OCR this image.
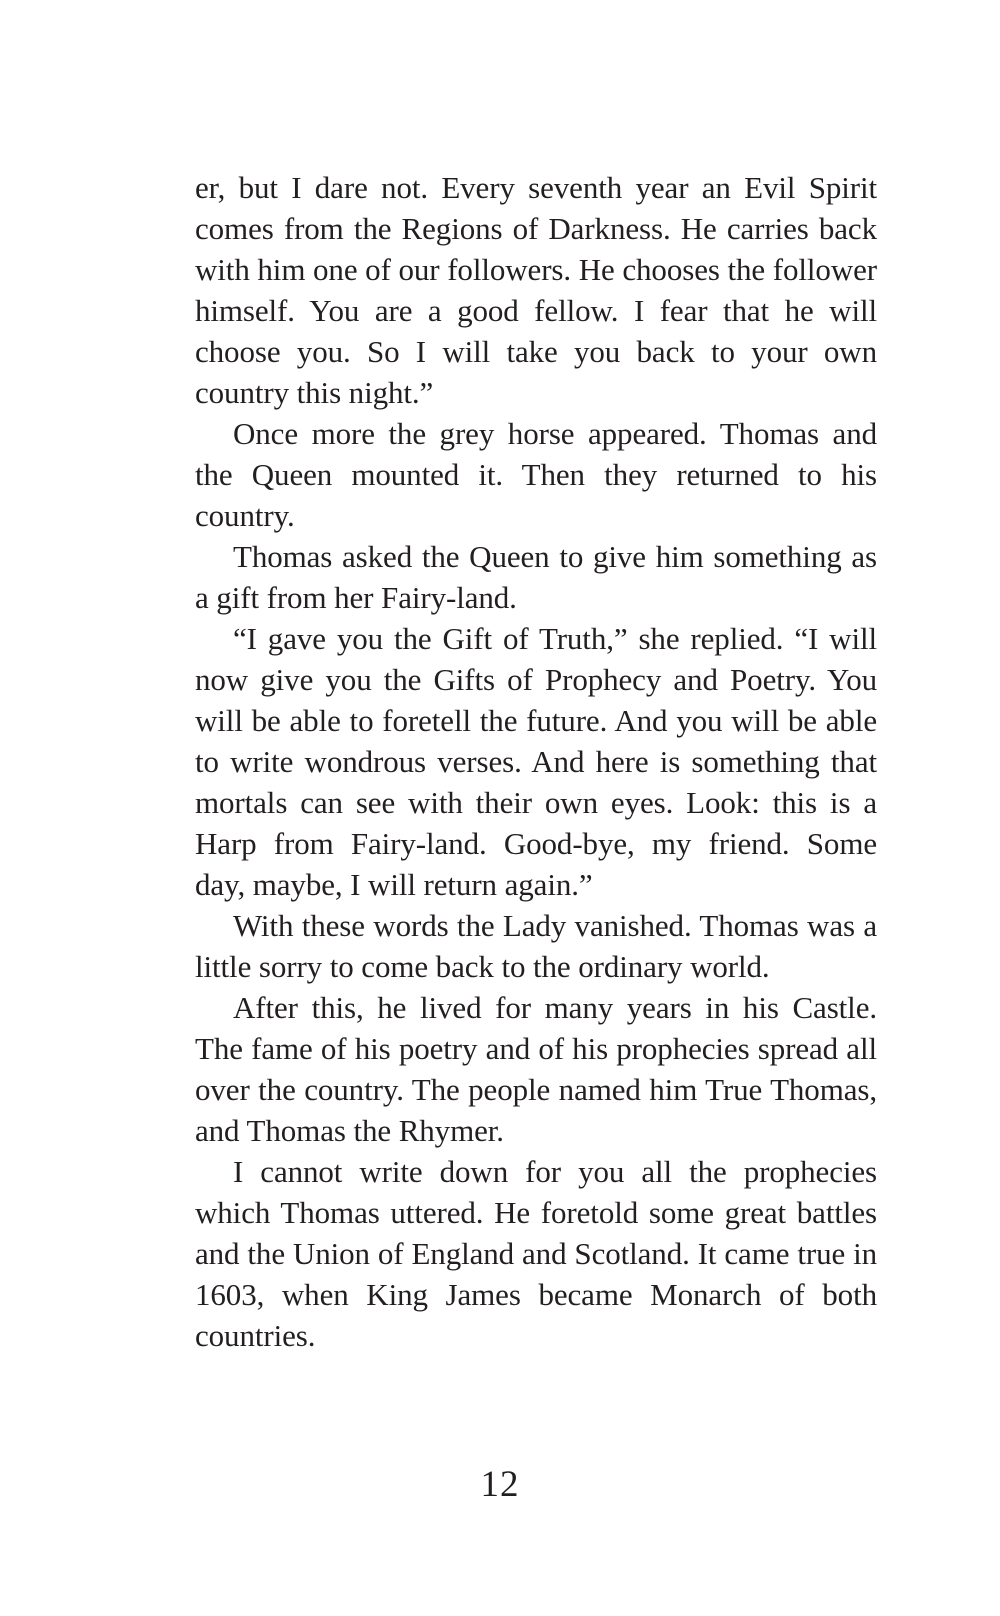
er, but I dare not. Every seventh year an Evil Spirit comes from the Regions of Darkness. He carries back with him one of our followers. He chooses the follower himself. You are a good fellow. I fear that he will choose you. So I will take you back to your own country this night.”

Once more the grey horse appeared. Thomas and the Queen mounted it. Then they returned to his country.

Thomas asked the Queen to give him something as a gift from her Fairy-land.

“I gave you the Gift of Truth,” she replied. “I will now give you the Gifts of Prophecy and Poetry. You will be able to foretell the future. And you will be able to write wondrous verses. And here is something that mortals can see with their own eyes. Look: this is a Harp from Fairy-land. Good-bye, my friend. Some day, maybe, I will return again.”

With these words the Lady vanished. Thomas was a little sorry to come back to the ordinary world.

After this, he lived for many years in his Castle. The fame of his poetry and of his prophecies spread all over the country. The people named him True Thomas, and Thomas the Rhymer.

I cannot write down for you all the prophecies which Thomas uttered. He foretold some great battles and the Union of England and Scotland. It came true in 1603, when King James became Monarch of both countries.

12
